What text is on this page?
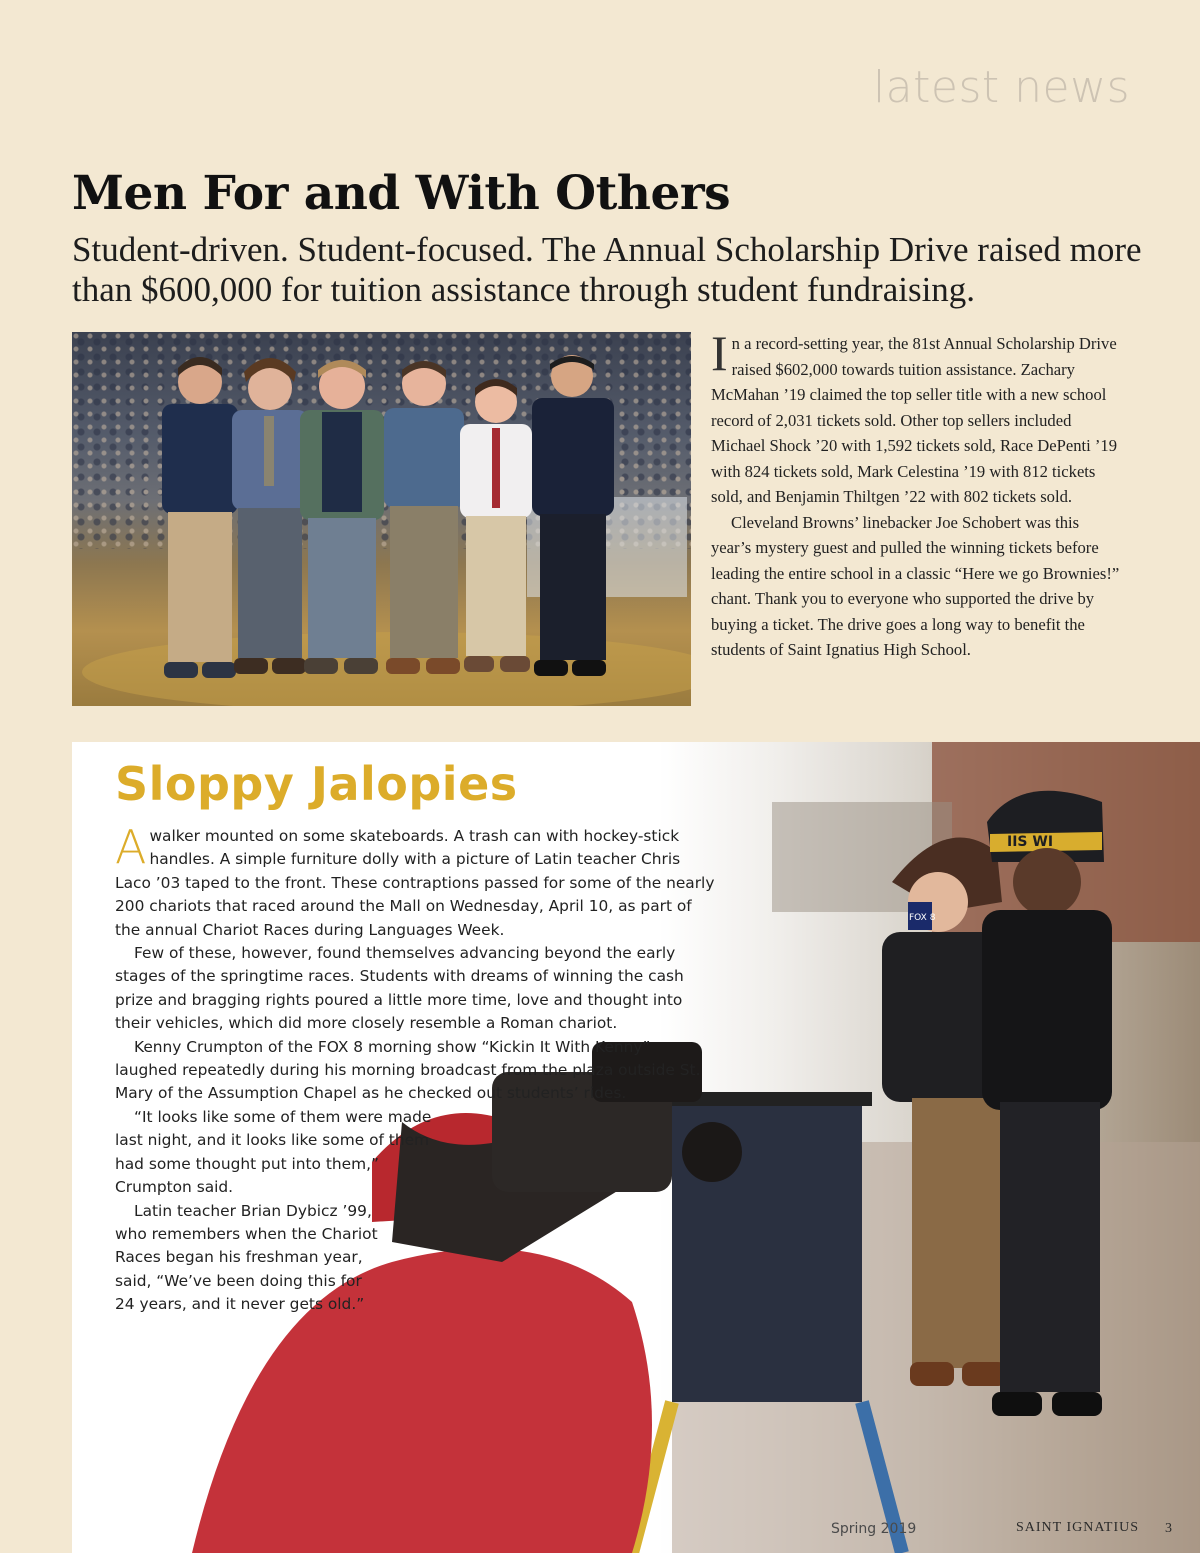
latest news
Men For and With Others
Student-driven. Student-focused. The Annual Scholarship Drive raised more than $600,000 for tuition assistance through student fundraising.

In a record-setting year, the 81st Annual Scholarship Drive raised $602,000 towards tuition assistance. Zachary McMahan ’19 claimed the top seller title with a new school record of 2,031 tickets sold. Other top sellers included Michael Shock ’20 with 1,592 tickets sold, Race DePenti ’19 with 824 tickets sold, Mark Celestina ’19 with 812 tickets sold, and Benjamin Thiltgen ’22 with 802 tickets sold.

Cleveland Browns’ linebacker Joe Schobert was this year’s mystery guest and pulled the winning tickets before leading the entire school in a classic “Here we go Brownies!” chant. Thank you to everyone who supported the drive by buying a ticket. The drive goes a long way to benefit the students of Saint Ignatius High School.

FOX 8
IIS WI
Sloppy Jalopies

Awalker mounted on some skateboards. A trash can with hockey-stick handles. A simple furniture dolly with a picture of Latin teacher Chris Laco ’03 taped to the front. These contraptions passed for some of the nearly 200 chariots that raced around the Mall on Wednesday, April 10, as part of the annual Chariot Races during Languages Week.

Few of these, however, found themselves advancing beyond the early stages of the springtime races. Students with dreams of winning the cash prize and bragging rights poured a little more time, love and thought into their vehicles, which did more closely resemble a Roman chariot.

Kenny Crumpton of the FOX 8 morning show “Kickin It With Kenny” laughed repeatedly during his morning broadcast from the plaza outside St. Mary of the Assumption Chapel as he checked out students’ rides.

“It looks like some of them were made last night, and it looks like some of them had some thought put into them,” Crumpton said.

Latin teacher Brian Dybicz ’99, who remembers when the Chariot Races began his freshman year, said, “We’ve been doing this for 24 years, and it never gets old.”

Spring 2019	SAINT IGNATIUS 3
